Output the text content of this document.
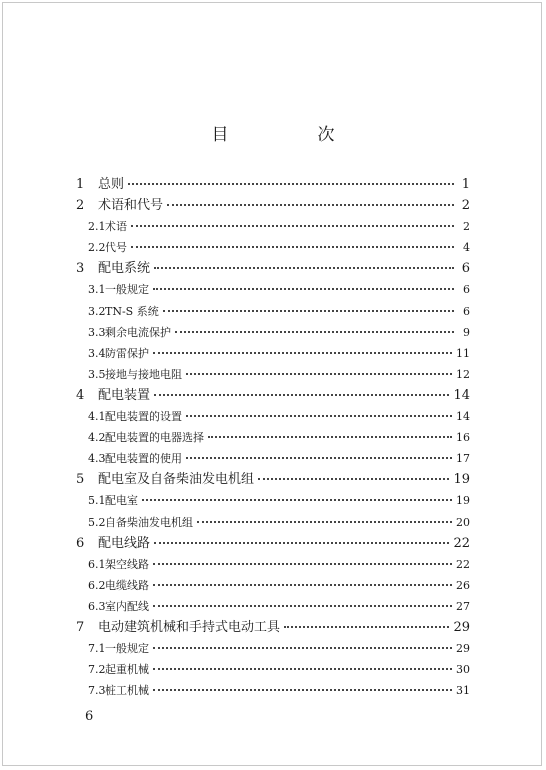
目　次
1	总则	1
2	术语和代号	2
2.1 术语	2
2.2 代号	4
3	配电系统	6
3.1 一般规定	6
3.2 TN-S 系统	6
3.3 剩余电流保护	9
3.4 防雷保护	11
3.5 接地与接地电阻	12
4	配电装置	14
4.1 配电装置的设置	14
4.2 配电装置的电器选择	16
4.3 配电装置的使用	17
5	配电室及自备柴油发电机组	19
5.1 配电室	19
5.2 自备柴油发电机组	20
6	配电线路	22
6.1 架空线路	22
6.2 电缆线路	26
6.3 室内配线	27
7	电动建筑机械和手持式电动工具	29
7.1 一般规定	29
7.2 起重机械	30
7.3 桩工机械	31
6
